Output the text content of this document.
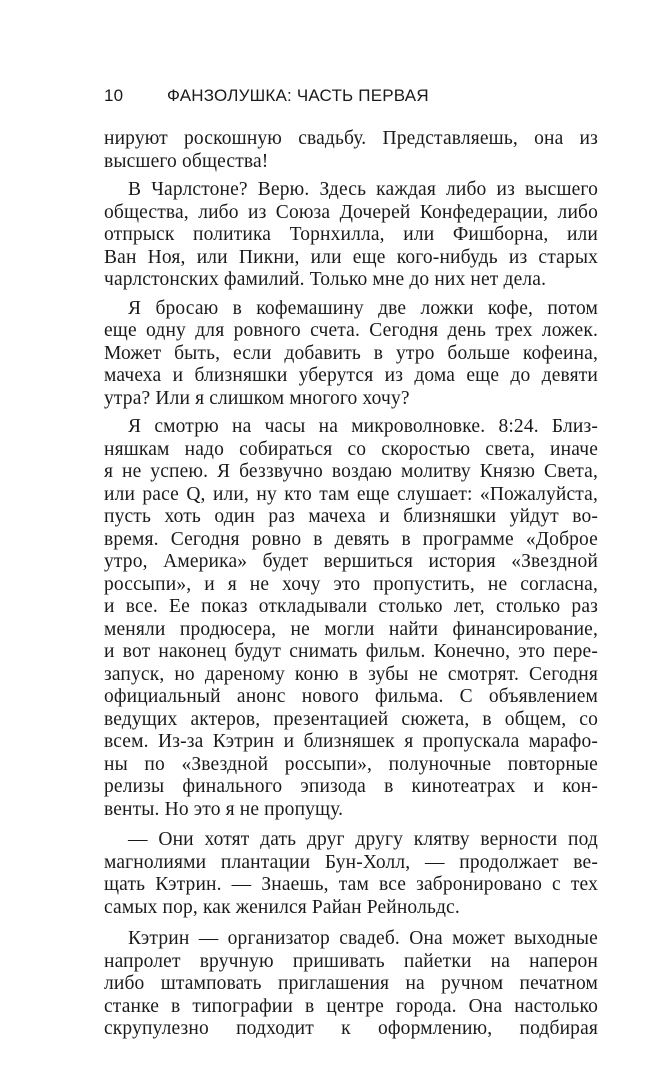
10	ФАНЗОЛУШКА: ЧАСТЬ ПЕРВАЯ
нируют роскошную свадьбу. Представляешь, она из
высшего общества!
В Чарлстоне? Верю. Здесь каждая либо из высшего
общества, либо из Союза Дочерей Конфедерации, либо
отпрыск политика Торнхилла, или Фишборна, или
Ван Ноя, или Пикни, или еще кого-нибудь из старых
чарлстонских фамилий. Только мне до них нет дела.
Я бросаю в кофемашину две ложки кофе, потом
еще одну для ровного счета. Сегодня день трех ложек.
Может быть, если добавить в утро больше кофеина,
мачеха и близняшки уберутся из дома еще до девяти
утра? Или я слишком многого хочу?
Я смотрю на часы на микроволновке. 8:24. Близ-
няшкам надо собираться со скоростью света, иначе
я не успею. Я беззвучно воздаю молитву Князю Света,
или расе Q, или, ну кто там еще слушает: «Пожалуйста,
пусть хоть один раз мачеха и близняшки уйдут во-
время. Сегодня ровно в девять в программе «Доброе
утро, Америка» будет вершиться история «Звездной
россыпи», и я не хочу это пропустить, не согласна,
и все. Ее показ откладывали столько лет, столько раз
меняли продюсера, не могли найти финансирование,
и вот наконец будут снимать фильм. Конечно, это пере-
запуск, но дареному коню в зубы не смотрят. Сегодня
официальный анонс нового фильма. С объявлением
ведущих актеров, презентацией сюжета, в общем, со
всем. Из-за Кэтрин и близняшек я пропускала марафо-
ны по «Звездной россыпи», полуночные повторные
релизы финального эпизода в кинотеатрах и кон-
венты. Но это я не пропущу.
— Они хотят дать друг другу клятву верности под
магнолиями плантации Бун-Холл, — продолжает ве-
щать Кэтрин. — Знаешь, там все забронировано с тех
самых пор, как женился Райан Рейнольдс.
Кэтрин — организатор свадеб. Она может выходные
напролет вручную пришивать пайетки на наперон
либо штамповать приглашения на ручном печатном
станке в типографии в центре города. Она настолько
скрупулезно подходит к оформлению, подбирая
